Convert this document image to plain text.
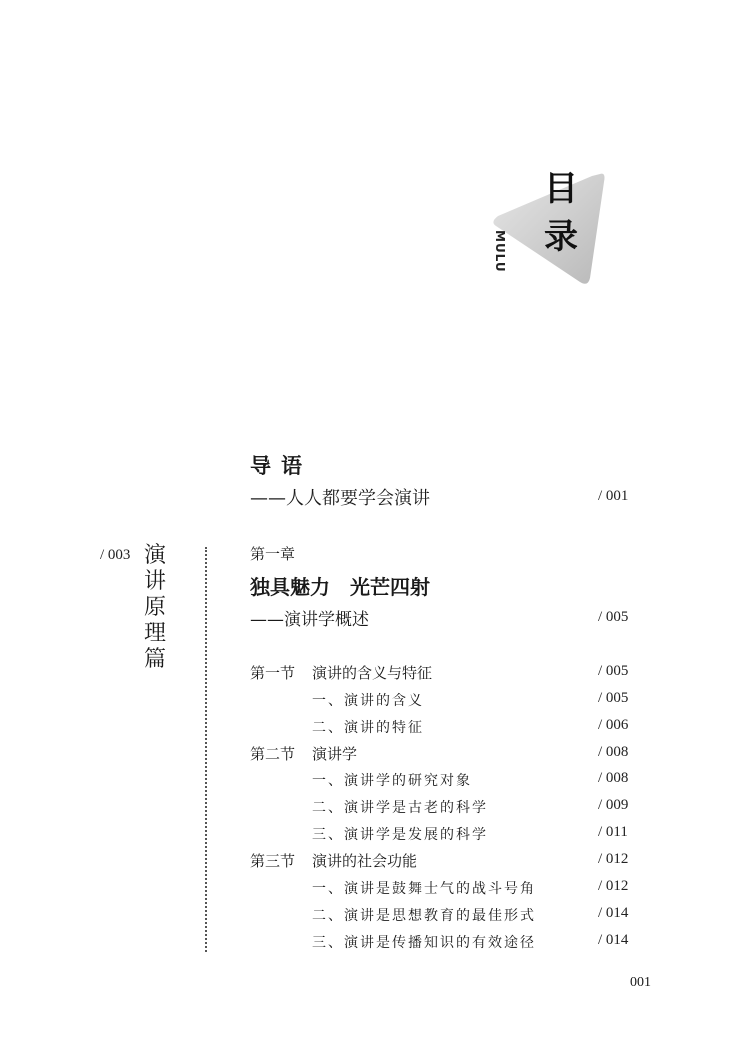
目
录
MULU
导语
——人人都要学会演讲	/ 001
/ 003 演讲原理篇
第一章
独具魅力　光芒四射
——演讲学概述	/ 005
第一节 演讲的含义与特征	/ 005
一、演讲的含义	/ 005
二、演讲的特征	/ 006
第二节 演讲学	/ 008
一、演讲学的研究对象	/ 008
二、演讲学是古老的科学	/ 009
三、演讲学是发展的科学	/ 011
第三节 演讲的社会功能	/ 012
一、演讲是鼓舞士气的战斗号角	/ 012
二、演讲是思想教育的最佳形式	/ 014
三、演讲是传播知识的有效途径	/ 014
001
